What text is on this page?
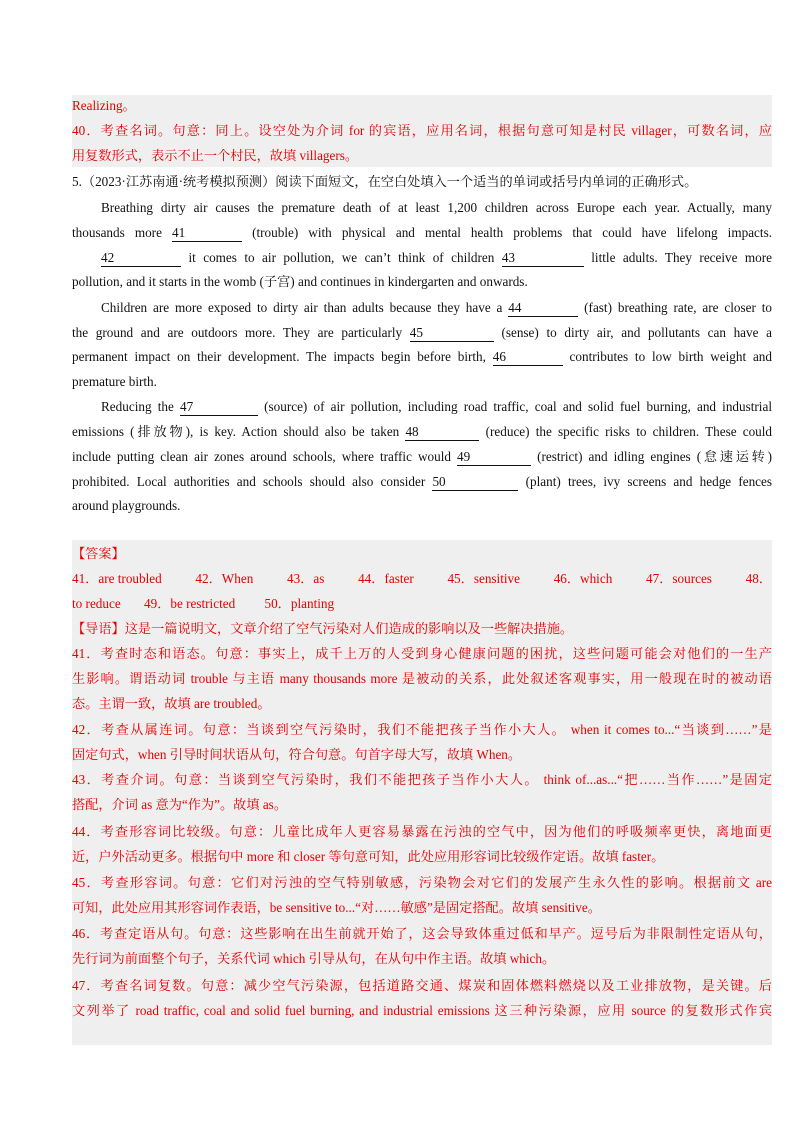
Realizing。
40．考查名词。句意：同上。设空处为介词 for 的宾语，应用名词，根据句意可知是村民 villager，可数名词，应
用复数形式，表示不止一个村民，故填 villagers。
5.（2023·江苏南通·统考模拟预测）阅读下面短文，在空白处填入一个适当的单词或括号内单词的正确形式。
Breathing dirty air causes the premature death of at least 1,200 children across Europe each year. Actually, many
thousands more 41	(trouble) with physical and mental health problems that could have lifelong impacts.
42	it comes to air pollution, we can’t think of children 43	little adults. They receive more
pollution, and it starts in the womb (子宫) and continues in kindergarten and onwards.
Children are more exposed to dirty air than adults because they have a 44	(fast) breathing rate, are closer to
the ground and are outdoors more. They are particularly 45	(sense) to dirty air, and pollutants can have a
permanent impact on their development. The impacts begin before birth, 46	contributes to low birth weight and
premature birth.
Reducing the 47	(source) of air pollution, including road traffic, coal and solid fuel burning, and industrial
emissions (排放物), is key. Action should also be taken 48	(reduce) the specific risks to children. These could
include putting clean air zones around schools, where traffic would 49	(restrict) and idling engines (怠速运转)
prohibited. Local authorities and schools should also consider 50	(plant) trees, ivy screens and hedge fences
around playgrounds.
【答案】
41．are troubled	42．When	43．as	44．faster	45．sensitive	46．which	47．sources	48．
to reduce 49．be restricted 50．planting
【导语】这是一篇说明文，文章介绍了空气污染对人们造成的影响以及一些解决措施。
41．考查时态和语态。句意：事实上，成千上万的人受到身心健康问题的困扰，这些问题可能会对他们的一生产
生影响。谓语动词 trouble 与主语 many thousands more 是被动的关系，此处叙述客观事实，用一般现在时的被动语
态。主谓一致，故填 are troubled。
42．考查从属连词。句意：当谈到空气污染时，我们不能把孩子当作小大人。 when it comes to...“当谈到……”是
固定句式，when 引导时间状语从句，符合句意。句首字母大写，故填 When。
43．考查介词。句意：当谈到空气污染时，我们不能把孩子当作小大人。 think of...as...“把……当作……”是固定
搭配，介词 as 意为“作为”。故填 as。
44．考查形容词比较级。句意：儿童比成年人更容易暴露在污浊的空气中，因为他们的呼吸频率更快，离地面更
近，户外活动更多。根据句中 more 和 closer 等句意可知，此处应用形容词比较级作定语。故填 faster。
45．考查形容词。句意：它们对污浊的空气特别敏感，污染物会对它们的发展产生永久性的影响。根据前文 are
可知，此处应用其形容词作表语，be sensitive to...“对……敏感”是固定搭配。故填 sensitive。
46．考查定语从句。句意：这些影响在出生前就开始了，这会导致体重过低和早产。逗号后为非限制性定语从句，
先行词为前面整个句子，关系代词 which 引导从句，在从句中作主语。故填 which。
47．考查名词复数。句意：减少空气污染源，包括道路交通、煤炭和固体燃料燃烧以及工业排放物，是关键。后
文列举了 road traffic, coal and solid fuel burning, and industrial emissions 这三种污染源，应用 source 的复数形式作宾
